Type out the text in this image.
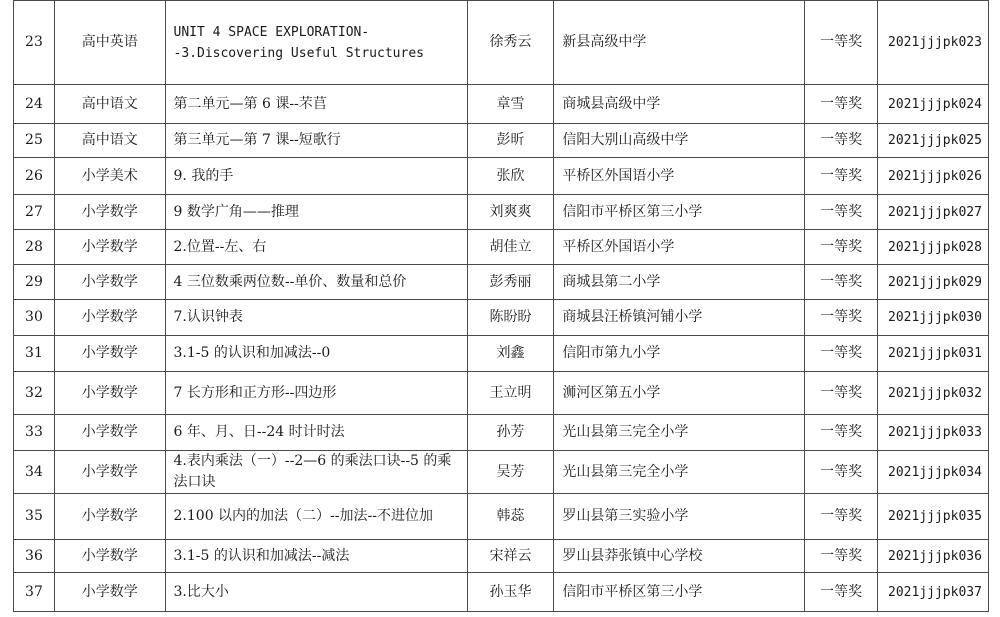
23	高中英语	UNIT 4 SPACE EXPLORATION--3.Discovering Useful Structures	徐秀云	新县高级中学	一等奖	2021jjjpk023
24	高中语文	第二单元—第 6 课--芣苢	章雪	商城县高级中学	一等奖	2021jjjpk024
25	高中语文	第三单元—第 7 课--短歌行	彭昕	信阳大别山高级中学	一等奖	2021jjjpk025
26	小学美术	9. 我的手	张欣	平桥区外国语小学	一等奖	2021jjjpk026
27	小学数学	9 数学广角——推理	刘爽爽	信阳市平桥区第三小学	一等奖	2021jjjpk027
28	小学数学	2.位置--左、右	胡佳立	平桥区外国语小学	一等奖	2021jjjpk028
29	小学数学	4 三位数乘两位数--单价、数量和总价	彭秀丽	商城县第二小学	一等奖	2021jjjpk029
30	小学数学	7.认识钟表	陈盼盼	商城县汪桥镇河铺小学	一等奖	2021jjjpk030
31	小学数学	3.1-5 的认识和加减法--0	刘鑫	信阳市第九小学	一等奖	2021jjjpk031
32	小学数学	7 长方形和正方形--四边形	王立明	浉河区第五小学	一等奖	2021jjjpk032
33	小学数学	6 年、月、日--24 时计时法	孙芳	光山县第三完全小学	一等奖	2021jjjpk033
34	小学数学	4.表内乘法（一）--2—6 的乘法口诀--5 的乘法口诀	吴芳	光山县第三完全小学	一等奖	2021jjjpk034
35	小学数学	2.100 以内的加法（二）--加法--不进位加	韩蕊	罗山县第三实验小学	一等奖	2021jjjpk035
36	小学数学	3.1-5 的认识和加减法--减法	宋祥云	罗山县莽张镇中心学校	一等奖	2021jjjpk036
37	小学数学	3.比大小	孙玉华	信阳市平桥区第三小学	一等奖	2021jjjpk037
